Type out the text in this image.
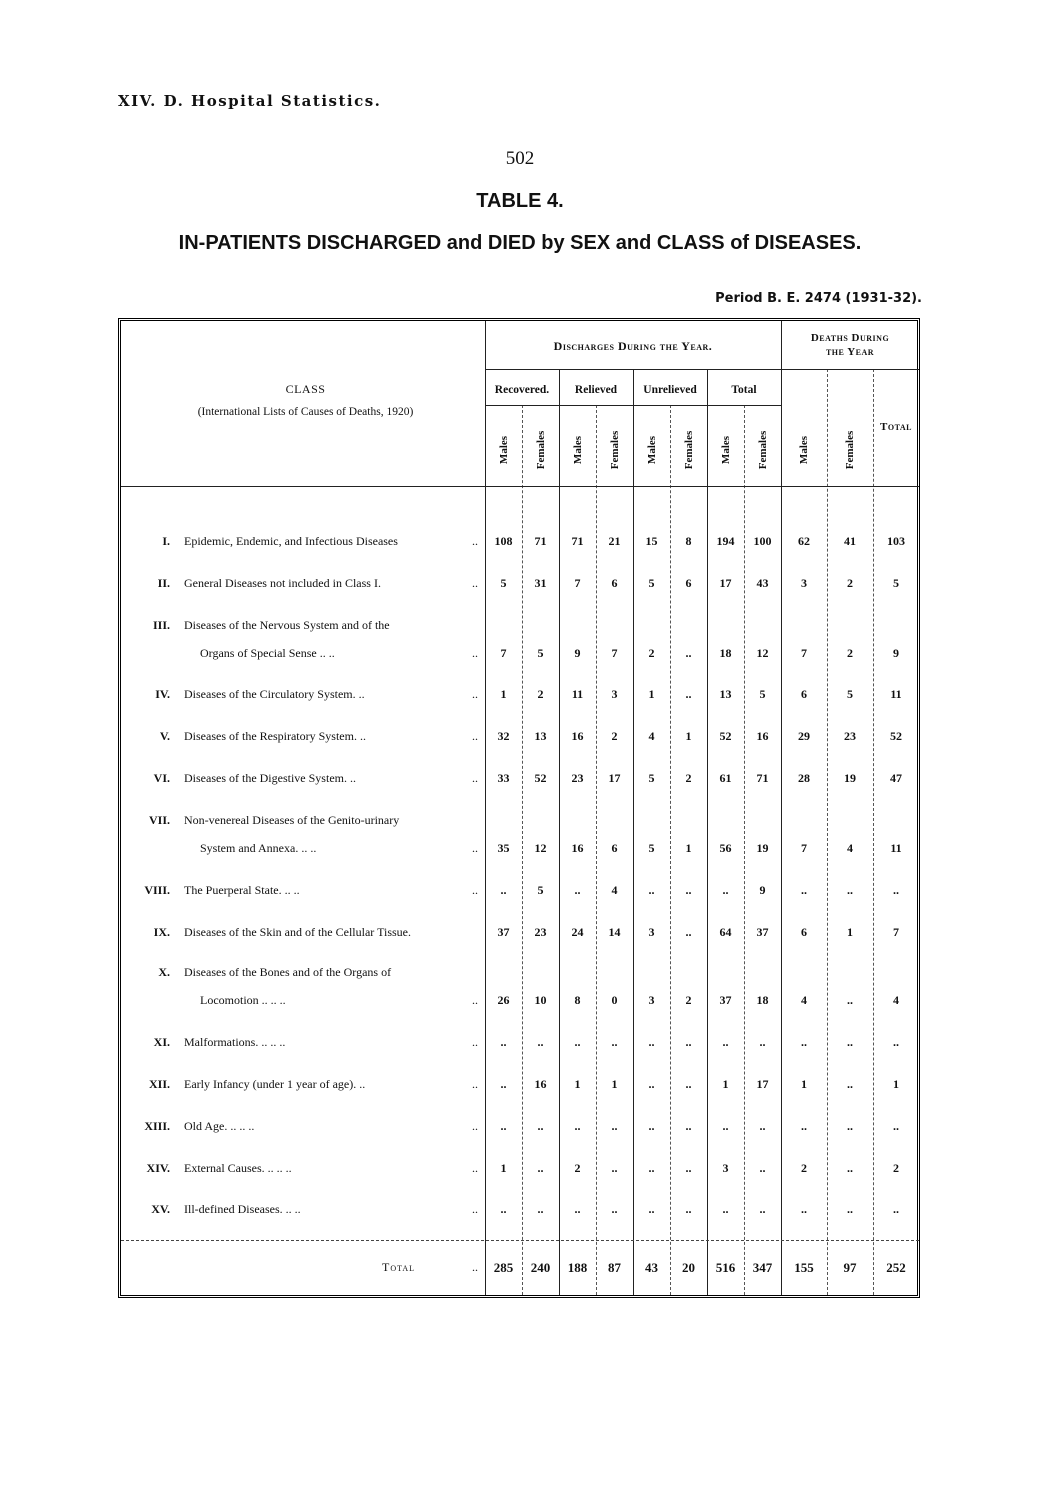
XIV. D. Hospital Statistics.
502
TABLE 4.
IN-PATIENTS DISCHARGED and DIED by SEX and CLASS of DISEASES.
Period B. E. 2474 (1931-32).
CLASS
(International Lists of Causes of Deaths, 1920)
Discharges During the Year.
Deaths During
the Year
Recovered.	Relieved	Unrelieved	Total
Total
Males	Females	Males	Females	Males	Females	Males	Females	Males	Females
I. Epidemic, Endemic, and Infectious Diseases	..	108	71	71	21	15	8	194	100	62	41	103
II. General Diseases not included in Class I.	..	5	31	7	6	5	6	17	43	3	2	5
III. Diseases of the Nervous System and of the
Organs of Special Sense .. ..	..	7	5	9	7	2	..	18	12	7	2	9
IV. Diseases of the Circulatory System. ..	..	1	2	11	3	1	..	13	5	6	5	11
V. Diseases of the Respiratory System. ..	..	32	13	16	2	4	1	52	16	29	23	52
VI. Diseases of the Digestive System. ..	..	33	52	23	17	5	2	61	71	28	19	47
VII. Non-venereal Diseases of the Genito-urinary
System and Annexa. .. ..	..	35	12	16	6	5	1	56	19	7	4	11
VIII. The Puerperal State. .. ..	..	..	5	..	4	..	..	..	9	..	..	..
IX. Diseases of the Skin and of the Cellular Tissue.	37	23	24	14	3	..	64	37	6	1	7
X. Diseases of the Bones and of the Organs of
Locomotion .. .. ..	..	26	10	8	0	3	2	37	18	4	..	4
XI. Malformations. .. .. ..	..	..	..	..	..	..	..	..	..	..	..	..
XII. Early Infancy (under 1 year of age). ..	..	..	16	1	1	..	..	1	17	1	..	1
XIII. Old Age. .. .. ..	..	..	..	..	..	..	..	..	..	..	..	..
XIV. External Causes. .. .. ..	..	1	..	2	..	..	..	3	..	2	..	2
XV. Ill-defined Diseases. .. ..	..	..	..	..	..	..	..	..	..	..	..	..
Total	..	285	240	188	87	43	20	516	347	155	97	252
